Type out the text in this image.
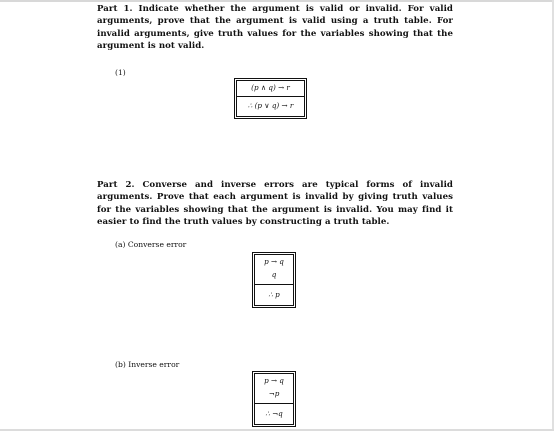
Part 1. Indicate whether the argument is valid or invalid. For valid arguments, prove that the argument is valid using a truth table. For invalid arguments, give truth values for the variables showing that the argument is not valid.
(1)
(p ∧ q) → r
∴ (p ∨ q) → r
Part 2. Converse and inverse errors are typical forms of invalid arguments. Prove that each argument is invalid by giving truth values for the variables showing that the argument is invalid. You may find it easier to find the truth values by constructing a truth table.
(a) Converse error
p → q
q
∴ p
(b) Inverse error
p → q
¬p
∴ ¬q
